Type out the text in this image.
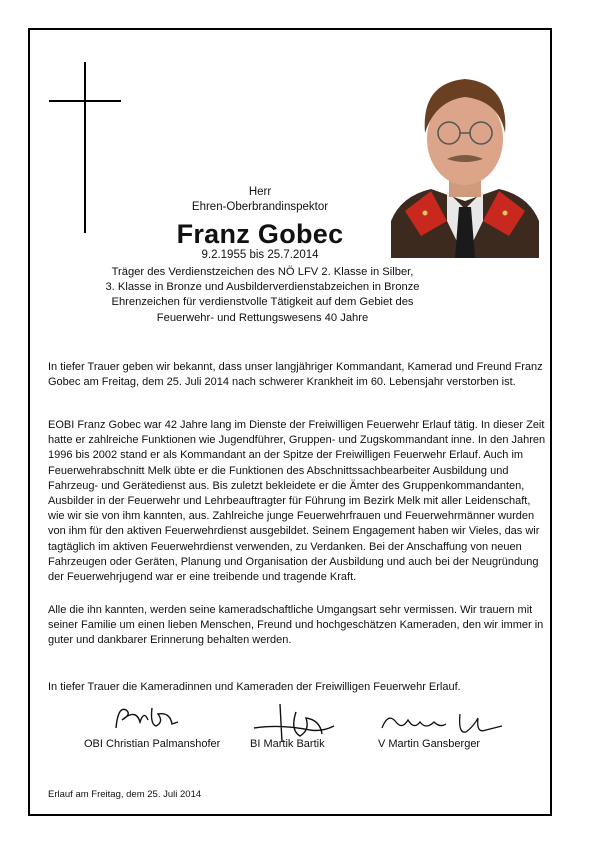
Herr
Ehren-Oberbrandinspektor
Franz Gobec
9.2.1955 bis 25.7.2014
Träger des Verdienstzeichen des NÖ LFV 2. Klasse in Silber,
3. Klasse in Bronze und Ausbilderverdienstabzeichen in Bronze
Ehrenzeichen für verdienstvolle Tätigkeit auf dem Gebiet des
Feuerwehr- und Rettungswesens 40 Jahre
In tiefer Trauer geben wir bekannt, dass unser langjähriger Kommandant, Kamerad und Freund Franz Gobec am Freitag, dem 25. Juli 2014 nach schwerer Krankheit im 60. Lebensjahr verstorben ist.
EOBI Franz Gobec war 42 Jahre lang im Dienste der Freiwilligen Feuerwehr Erlauf tätig. In dieser Zeit hatte er zahlreiche Funktionen wie Jugendführer, Gruppen- und Zugskommandant inne. In den Jahren 1996 bis 2002 stand er als Kommandant an der Spitze der Freiwilligen Feuerwehr Erlauf. Auch im Feuerwehrabschnitt Melk übte er die Funktionen des Abschnittssachbearbeiter Ausbildung und Fahrzeug- und Gerätedienst aus. Bis zuletzt bekleidete er die Ämter des Gruppenkommandanten, Ausbilder in der Feuerwehr und Lehrbeauftragter für Führung im Bezirk Melk mit aller Leidenschaft, wie wir sie von ihm kannten, aus. Zahlreiche junge Feuerwehrfrauen und Feuerwehrmänner wurden von ihm für den aktiven Feuerwehrdienst ausgebildet. Seinem Engagement haben wir Vieles, das wir tagtäglich im aktiven Feuerwehrdienst verwenden, zu Verdanken. Bei der Anschaffung von neuen Fahrzeugen oder Geräten, Planung und Organisation der Ausbildung und auch bei der Neugründung der Feuerwehrjugend war er eine treibende und tragende Kraft.
Alle die ihn kannten, werden seine kameradschaftliche Umgangsart sehr vermissen. Wir trauern mit seiner Familie um einen lieben Menschen, Freund und hochgeschätzen Kameraden, den wir immer in guter und dankbarer Erinnerung behalten werden.
In tiefer Trauer die Kameradinnen und Kameraden der Freiwilligen Feuerwehr Erlauf.
OBI Christian Palmanshofer	BI Martik Bartik	V Martin Gansberger
Erlauf am Freitag, dem 25. Juli 2014
